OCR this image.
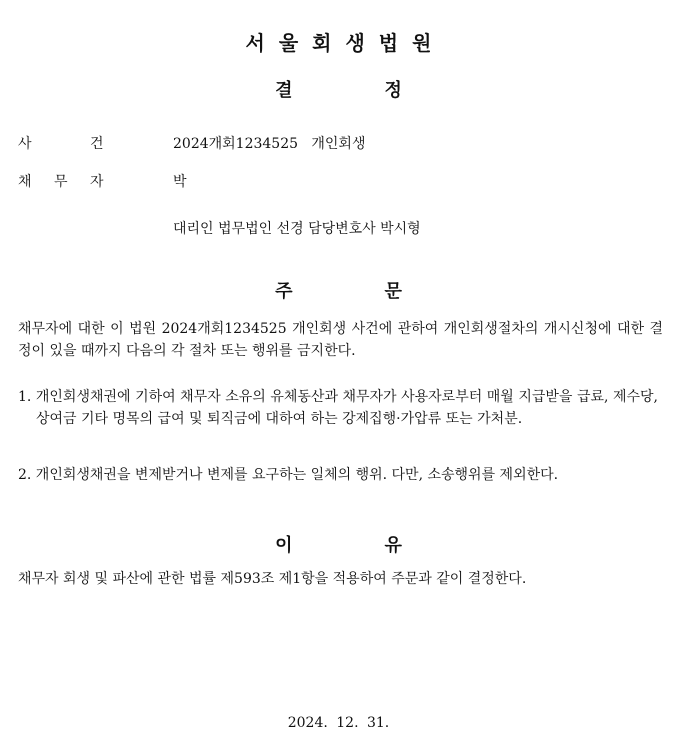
서울회생법원
결	정
사	건	2024개회1234525   개인회생
채 무 자	박
대리인 법무법인 선경 담당변호사 박시형
주	문
채무자에 대한 이 법원 2024개회1234525 개인회생 사건에 관하여 개인회생절차의 개시신청에 대한 결정이 있을 때까지 다음의 각 절차 또는 행위를 금지한다.
1. 개인회생채권에 기하여 채무자 소유의 유체동산과 채무자가 사용자로부터 매월 지급받을 급료, 제수당, 상여금 기타 명목의 급여 및 퇴직금에 대하여 하는 강제집행·가압류 또는 가처분.
2. 개인회생채권을 변제받거나 변제를 요구하는 일체의 행위. 다만, 소송행위를 제외한다.
이	유
채무자 회생 및 파산에 관한 법률 제593조 제1항을 적용하여 주문과 같이 결정한다.
2024. 12. 31.
